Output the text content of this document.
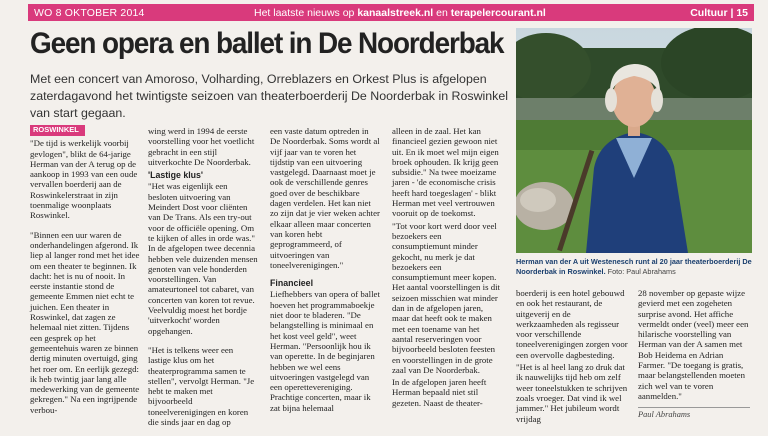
WO 8 OKTOBER 2014	Het laatste nieuws op kanaalstreek.nl en terapelercourant.nl	Cultuur | 15
Geen opera en ballet in De Noorderbak

Met een concert van Amoroso, Volharding, Orreblazers en Orkest Plus is afgelopen zaterdagavond het twintigste seizoen van theaterboerderij De Noorderbak in Roswinkel van start gegaan.

Herman van der A uit Westenesch runt al 20 jaar theaterboerderij De Noorderbak in Roswinkel. Foto: Paul Abrahams
ROSWINKEL

"De tijd is werkelijk voorbij gevlogen", blikt de 64-jarige Herman van der A terug op de aankoop in 1993 van een oude vervallen boerderij aan de Roswinkelerstraat in zijn toenmalige woonplaats Roswinkel.

"Binnen een uur waren de onderhandelingen afgerond. Ik liep al langer rond met het idee om een theater te beginnen. Ik dacht: het is nu of nooit. In eerste instantie stond de gemeente Emmen niet echt te juichen. Een theater in Roswinkel, dat zagen ze helemaal niet zitten. Tijdens een gesprek op het gemeentehuis waren ze binnen dertig minuten overtuigd, ging het roer om. En eerlijk gezegd: ik heb twintig jaar lang alle medewerking van de gemeente gekregen." Na een ingrijpende verbou-

wing werd in 1994 de eerste voorstelling voor het voetlicht gebracht in een stijl uitverkochte De Noorderbak.

'Lastige klus'

"Het was eigenlijk een besloten uitvoering van Meindert Dost voor cliënten van De Trans. Als een try-out voor de officiële opening. Om te kijken of alles in orde was." In de afgelopen twee decennia hebben vele duizenden mensen genoten van vele honderden voorstellingen. Van amateurtoneel tot cabaret, van concerten van koren tot revue. Veelvuldig moest het bordje 'uitverkocht' worden opgehangen.

"Het is telkens weer een lastige klus om het theaterprogramma samen te stellen", vervolgt Herman. "Je hebt te maken met bijvoorbeeld toneelverenigingen en koren die sinds jaar en dag op

een vaste datum optreden in De Noorderbak. Soms wordt al vijf jaar van te voren het tijdstip van een uitvoering vastgelegd. Daarnaast moet je ook de verschillende genres goed over de beschikbare dagen verdelen. Het kan niet zo zijn dat je vier weken achter elkaar alleen maar concerten van koren hebt geprogrammeerd, of uitvoeringen van toneelverenigingen."

Financieel

Liefhebbers van opera of ballet hoeven het programmaboekje niet door te bladeren. "De belangstelling is minimaal en het kost veel geld", weet Herman. "Persoonlijk hou ik van operette. In de beginjaren hebben we wel eens uitvoeringen vastgelegd van een operettevereniging. Prachtige concerten, maar ik zat bijna helemaal

alleen in de zaal. Het kan financieel gezien gewoon niet uit. En ik moet wel mijn eigen broek ophouden. Ik krijg geen subsidie." Na twee moeizame jaren - 'de economische crisis heeft hard toegeslagen' - blikt Herman met veel vertrouwen vooruit op de toekomst.

"Tot voor kort werd door veel bezoekers een consumptiemunt minder gekocht, nu merk je dat bezoekers een consumptiemunt meer kopen. Het aantal voorstellingen is dit seizoen misschien wat minder dan in de afgelopen jaren, maar dat heeft ook te maken met een toename van het aantal reserveringen voor bijvoorbeeld besloten feesten en voorstellingen in de grote zaal van De Noorderbak.

In de afgelopen jaren heeft Herman bepaald niet stil gezeten. Naast de theater-

boerderij is een hotel gebouwd en ook het restaurant, de uitgeverij en de werkzaamheden als regisseur voor verschillende toneelverenigingen zorgen voor een overvolle dagbesteding.

"Het is al heel lang zo druk dat ik nauwelijks tijd heb om zelf weer toneelstukken te schrijven zoals vroeger. Dat vind ik wel jammer." Het jubileum wordt vrijdag

28 november op gepaste wijze gevierd met een zogeheten surprise avond. Het affiche vermeldt onder (veel) meer een hilarische voorstelling van Herman van der A samen met Bob Heidema en Adrian Farmer. "De toegang is gratis, maar belangstellenden moeten zich wel van te voren aanmelden."

Paul Abrahams
